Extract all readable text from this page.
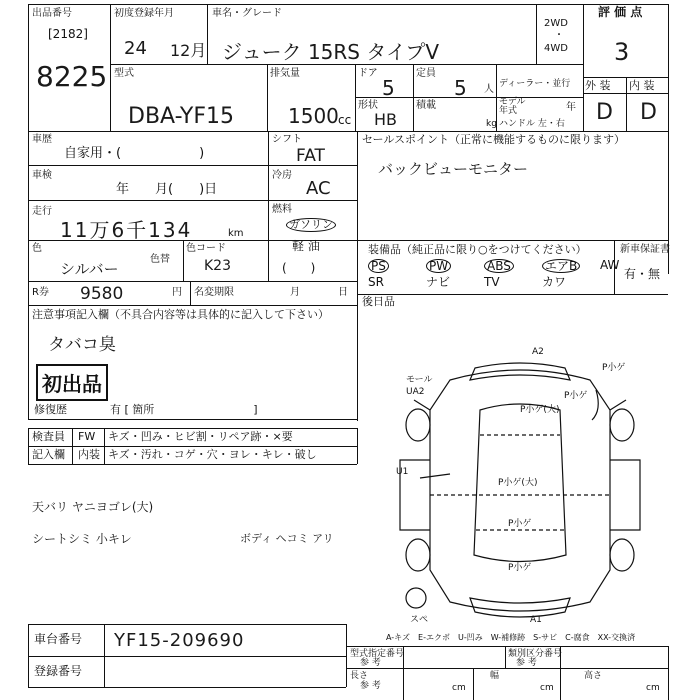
出品番号
[2182]
8225
初度登録年月
24 12月
車名・グレード
ジューク 15RS タイプV
2WD
・
4WD
評 価 点
3
外 装 内 装
D D
型式
DBA-YF15
排気量
1500 cc
ドア
5
定員
5 人
形状
HB
積載
kg
ディーラー・並行
モデル 年式	年
ハンドル 左・右
車歴
自家用・(　　　　　　)
シフト
FAT
車検
年　　月(　　)日
冷房
AC
走行
11万6千134	km
燃料
ガソリン
軽 油
(　　)
色
シルバー
色替
色コード
K23
R券 9580	円 名変期限	月	日
セールスポイント（正常に機能するものに限ります）
バックビューモニター
装備品（純正品に限り○をつけてください）	新車保証書
有・無
PS	PW	ABS	エアB AW
SR	ナビ	TV	カワ
後日品
注意事項記入欄（不具合内容等は具体的に記入して下さい）
タバコ臭
初出品
修復歴	有 [ 箇所　　　　　　　　　]
検査員
記入欄
FW キズ・凹み・ヒビ割・リペア跡・×要
内装 キズ・汚れ・コゲ・穴・ヨレ・キレ・破し
天バリ ヤニヨゴレ(大)
シートシミ 小キレ	ボディ ヘコミ アリ
A2
P小ゲ
モール
UA2
P小ゲ(大)
P小ゲ
U1
P小ゲ(大)
P小ゲ
P小ゲ
A1
スペ
A-キズ　E-エクボ　U-凹み　W-補修跡　S-サビ　C-腐食　XX-交換済
車台番号 YF15-209690
登録番号
型式指定番号
参 考
類別区分番号
参 考
長さ
参 考	cm
幅
cm
高さ
cm
